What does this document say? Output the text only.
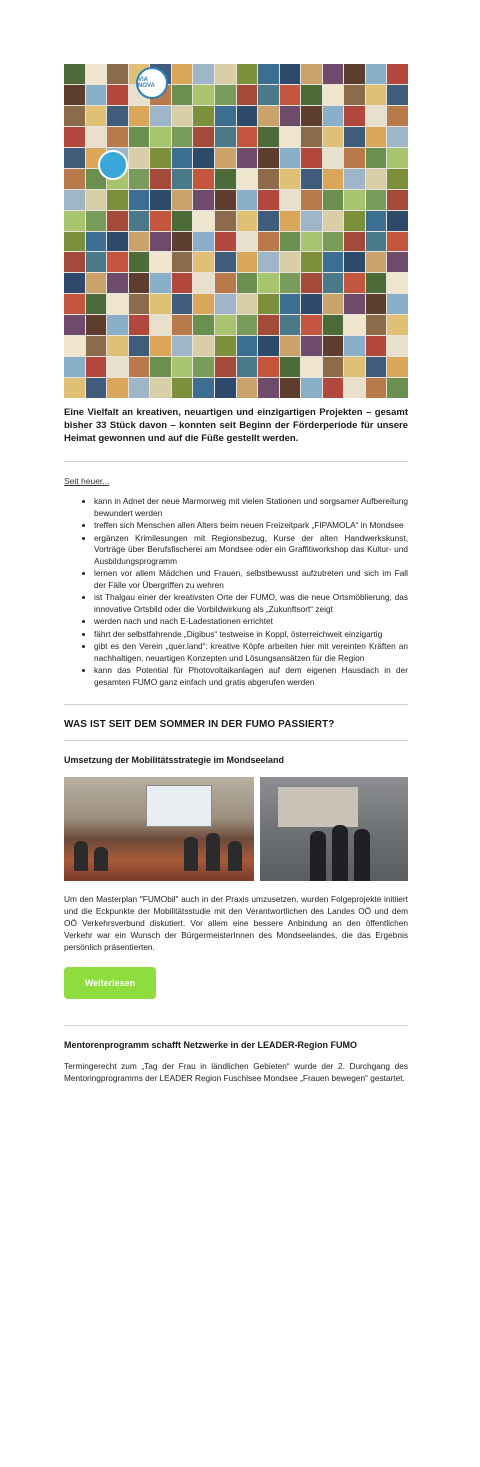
VIA NOVA
Eine Vielfalt an kreativen, neuartigen und einzigartigen Projekten – gesamt bisher 33 Stück davon – konnten seit Beginn der Förderperiode für unsere Heimat gewonnen und auf die Füße gestellt werden.
Seit heuer...
• kann in Adnet der neue Marmorweg mit vielen Stationen und sorgsamer Aufbereitung bewundert werden
• treffen sich Menschen allen Alters beim neuen Freizeitpark „FIPAMOLA“ in Mondsee
• ergänzen Krimilesungen mit Regionsbezug, Kurse der alten Handwerkskunst, Vorträge über Berufsfischerei am Mondsee oder ein Graffitiworkshop das Kultur- und Ausbildungsprogramm
• lernen vor allem Mädchen und Frauen, selbstbewusst aufzutreten und sich im Fall der Fälle vor Übergriffen zu wehren
• ist Thalgau einer der kreativsten Orte der FUMO, was die neue Ortsmöblierung, das innovative Ortsbild oder die Vorbildwirkung als „Zukunftsort“ zeigt
• werden nach und nach E-Ladestationen errichtet
• fährt der selbstfahrende „Digibus“ testweise in Koppl, österreichweit einzigartig
• gibt es den Verein „quer.land“: kreative Köpfe arbeiten hier mit vereinten Kräften an nachhaltigen, neuartigen Konzepten und Lösungsansätzen für die Region
• kann das Potential für Photovoltaikanlagen auf dem eigenen Hausdach in der gesamten FUMO ganz einfach und gratis abgerufen werden
WAS IST SEIT DEM SOMMER IN DER FUMO PASSIERT?
Umsetzung der Mobilitätsstrategie im Mondseeland
Um den Masterplan "FUMObil" auch in der Praxis umzusetzen, wurden Folgeprojekte initiiert und die Eckpunkte der Mobilitätsstudie mit den Verantwortlichen des Landes OÖ und dem OÖ Verkehrsverbund diskutiert. Vor allem eine bessere Anbindung an den öffentlichen Verkehr war ein Wunsch der BürgermeisterInnen des Mondseelandes, die das Ergebnis persönlich präsentierten.
Weiterlesen
Mentorenprogramm schafft Netzwerke in der LEADER-Region FUMO
Termingerecht zum „Tag der Frau in ländlichen Gebieten“ wurde der 2. Durchgang des Mentoringprogramms der LEADER Region Fuschlsee Mondsee „Frauen bewegen“ gestartet.
